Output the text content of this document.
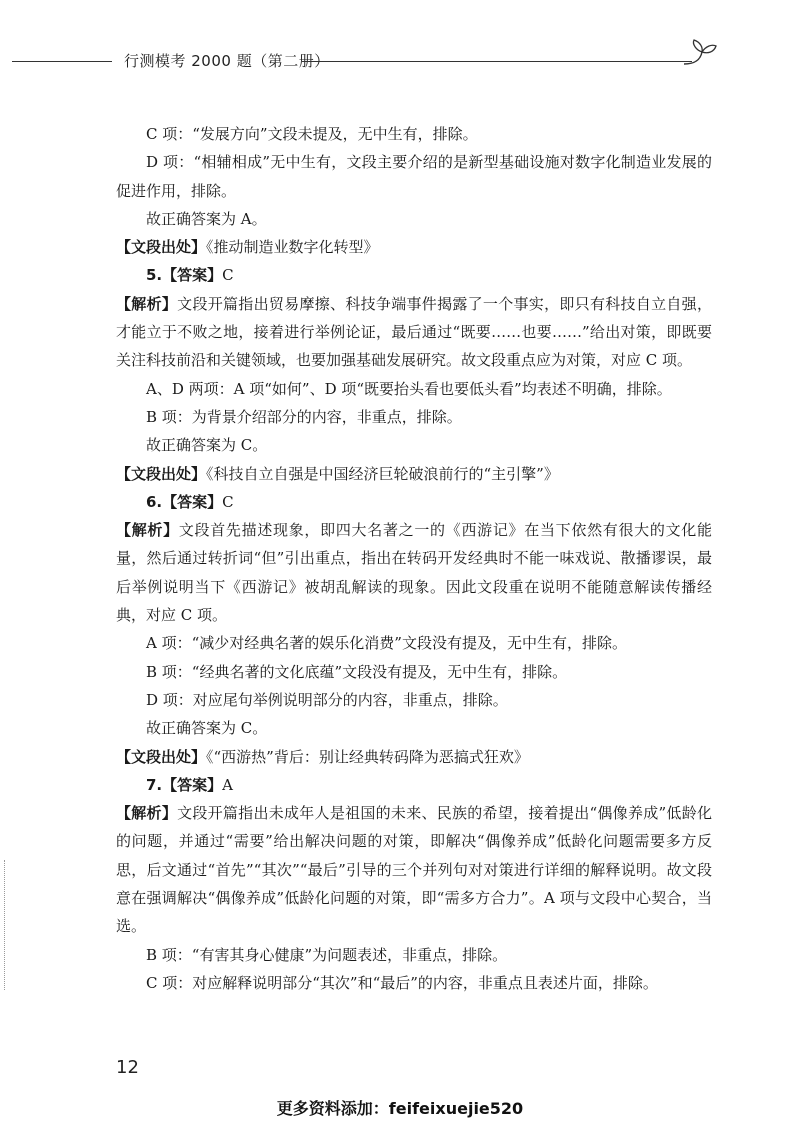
行测模考 2000 题（第二册）

C 项：“发展方向”文段未提及，无中生有，排除。

D 项：“相辅相成”无中生有，文段主要介绍的是新型基础设施对数字化制造业发展的促进作用，排除。

故正确答案为 A。

【文段出处】《推动制造业数字化转型》

5.【答案】C

【解析】文段开篇指出贸易摩擦、科技争端事件揭露了一个事实，即只有科技自立自强，才能立于不败之地，接着进行举例论证，最后通过“既要……也要……”给出对策，即既要关注科技前沿和关键领域，也要加强基础发展研究。故文段重点应为对策，对应 C 项。

A、D 两项：A 项“如何”、D 项“既要抬头看也要低头看”均表述不明确，排除。

B 项：为背景介绍部分的内容，非重点，排除。

故正确答案为 C。

【文段出处】《科技自立自强是中国经济巨轮破浪前行的“主引擎”》

6.【答案】C

【解析】文段首先描述现象，即四大名著之一的《西游记》在当下依然有很大的文化能量，然后通过转折词“但”引出重点，指出在转码开发经典时不能一味戏说、散播谬误，最后举例说明当下《西游记》被胡乱解读的现象。因此文段重在说明不能随意解读传播经典，对应 C 项。

A 项：“减少对经典名著的娱乐化消费”文段没有提及，无中生有，排除。

B 项：“经典名著的文化底蕴”文段没有提及，无中生有，排除。

D 项：对应尾句举例说明部分的内容，非重点，排除。

故正确答案为 C。

【文段出处】《“西游热”背后：别让经典转码降为恶搞式狂欢》

7.【答案】A

【解析】文段开篇指出未成年人是祖国的未来、民族的希望，接着提出“偶像养成”低龄化的问题，并通过“需要”给出解决问题的对策，即解决“偶像养成”低龄化问题需要多方反思，后文通过“首先”“其次”“最后”引导的三个并列句对对策进行详细的解释说明。故文段意在强调解决“偶像养成”低龄化问题的对策，即“需多方合力”。A 项与文段中心契合，当选。

B 项：“有害其身心健康”为问题表述，非重点，排除。

C 项：对应解释说明部分“其次”和“最后”的内容，非重点且表述片面，排除。

12
更多资料添加：feifeixuejie520
